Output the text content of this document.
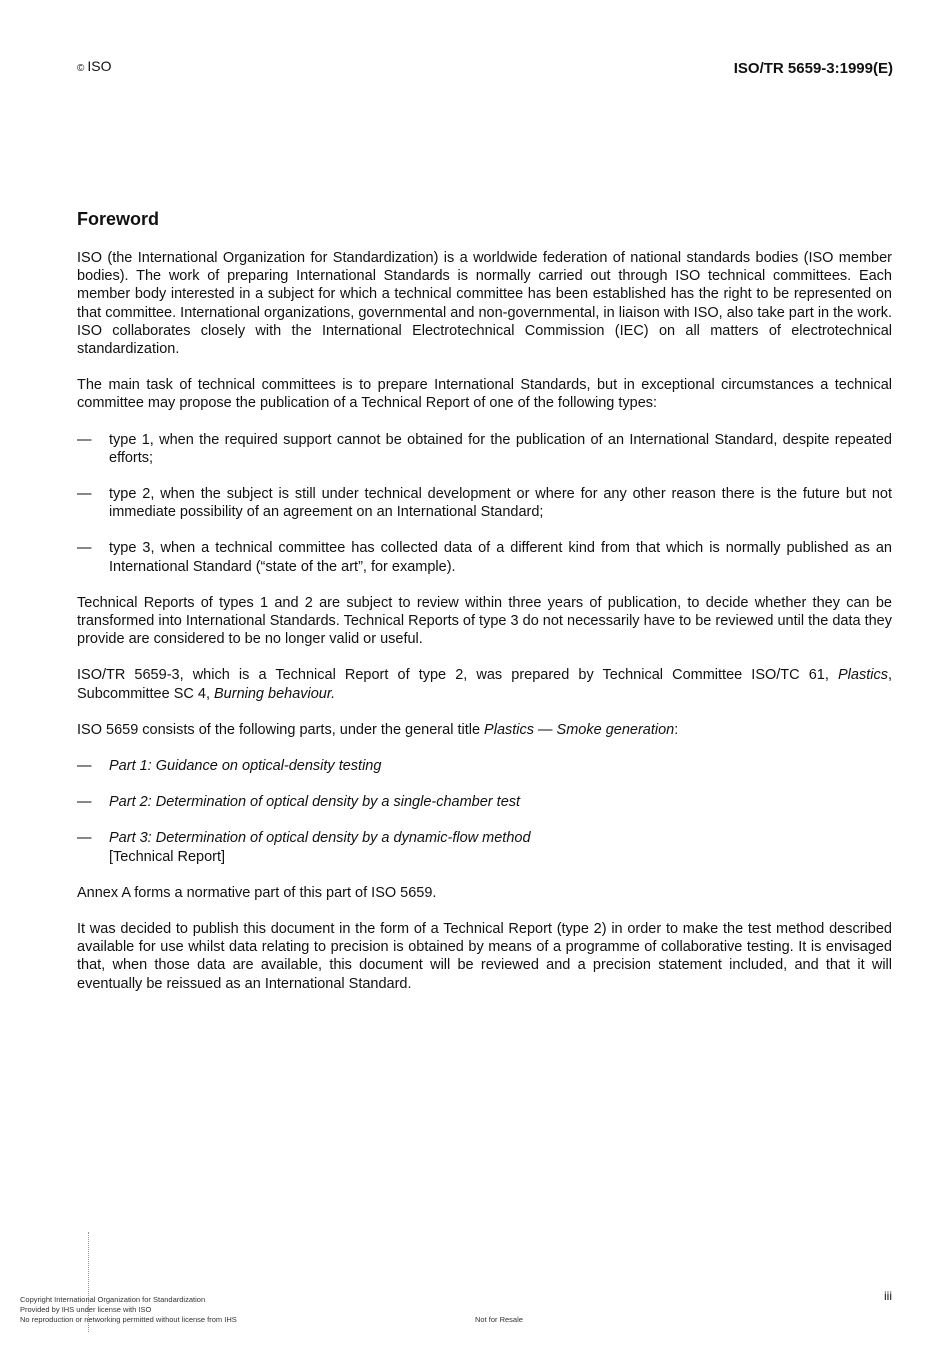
© ISO	ISO/TR 5659-3:1999(E)
Foreword

ISO (the International Organization for Standardization) is a worldwide federation of national standards bodies (ISO member bodies). The work of preparing International Standards is normally carried out through ISO technical committees. Each member body interested in a subject for which a technical committee has been established has the right to be represented on that committee. International organizations, governmental and non-governmental, in liaison with ISO, also take part in the work. ISO collaborates closely with the International Electrotechnical Commission (IEC) on all matters of electrotechnical standardization.

The main task of technical committees is to prepare International Standards, but in exceptional circumstances a technical committee may propose the publication of a Technical Report of one of the following types:

—	type 1, when the required support cannot be obtained for the publication of an International Standard, despite repeated efforts;
—	type 2, when the subject is still under technical development or where for any other reason there is the future but not immediate possibility of an agreement on an International Standard;
—	type 3, when a technical committee has collected data of a different kind from that which is normally published as an International Standard (“state of the art”, for example).

Technical Reports of types 1 and 2 are subject to review within three years of publication, to decide whether they can be transformed into International Standards. Technical Reports of type 3 do not necessarily have to be reviewed until the data they provide are considered to be no longer valid or useful.

ISO/TR 5659-3, which is a Technical Report of type 2, was prepared by Technical Committee ISO/TC 61, Plastics, Subcommittee SC 4, Burning behaviour.

ISO 5659 consists of the following parts, under the general title Plastics — Smoke generation:

—	Part 1: Guidance on optical-density testing
—	Part 2: Determination of optical density by a single-chamber test
—	Part 3: Determination of optical density by a dynamic-flow method
[Technical Report]

Annex A forms a normative part of this part of ISO 5659.

It was decided to publish this document in the form of a Technical Report (type 2) in order to make the test method described available for use whilst data relating to precision is obtained by means of a programme of collaborative testing. It is envisaged that, when those data are available, this document will be reviewed and a precision statement included, and that it will eventually be reissued as an International Standard.

Copyright International Organization for Standardization
Provided by IHS under license with ISO
No reproduction or networking permitted without license from IHS	Not for Resale
iii
